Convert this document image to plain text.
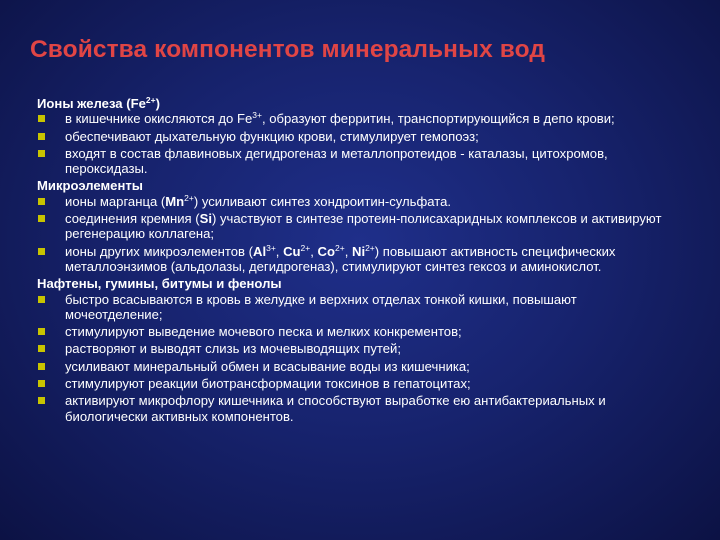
Свойства компонентов минеральных вод

Ионы железа $(Fe^{2+})$

в кишечнике окисляются до $Fe^{3+}$, образуют ферритин, транспортирующийся в депо крови;
обеспечивают дыхательную функцию крови, стимулирует гемопоэз;
входят в состав флавиновых дегидрогеназ и металлопротеидов - каталазы, цитохромов, пероксидазы.

Микроэлементы

ионы марганца $(Mn^{2+})$ усиливают синтез хондроитин-сульфата.
соединения кремния (Si) участвуют в синтезе протеин-полисахаридных комплексов и активируют регенерацию коллагена;
ионы других микроэлементов ($Al^{3+}$, $Cu^{2+}$, $Co^{2+}$, $Ni^{2+}$) повышают активность специфических металлоэнзимов (альдолазы, дегидрогеназ), стимулируют синтез гексоз и аминокислот.

Нафтены, гумины, битумы и фенолы

быстро всасываются в кровь в желудке и верхних отделах тонкой кишки, повышают мочеотделение;
стимулируют выведение мочевого песка и мелких конкрементов;
растворяют и выводят слизь из мочевыводящих путей;
усиливают минеральный обмен и всасывание воды из кишечника;
стимулируют реакции биотрансформации токсинов в гепатоцитах;
активируют микрофлору кишечника и способствуют выработке ею антибактериальных и биологически активных компонентов.
